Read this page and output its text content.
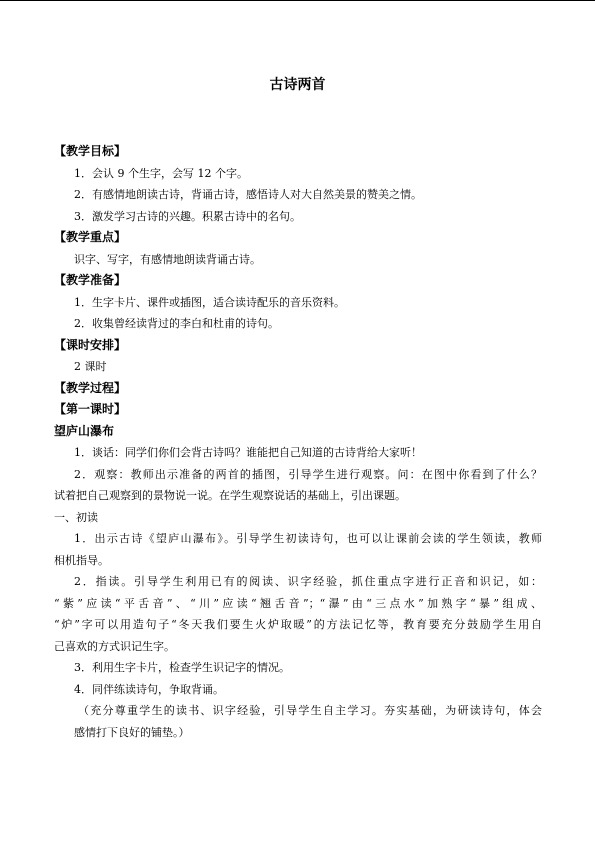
古诗两首
【教学目标】
1．会认 9 个生字，会写 12 个字。
2．有感情地朗读古诗，背诵古诗，感悟诗人对大自然美景的赞美之情。
3．激发学习古诗的兴趣。积累古诗中的名句。
【教学重点】
识字、写字，有感情地朗读背诵古诗。
【教学准备】
1．生字卡片、课件或插图，适合读诗配乐的音乐资料。
2．收集曾经读背过的李白和杜甫的诗句。
【课时安排】
2 课时
【教学过程】
【第一课时】
望庐山瀑布
1．谈话：同学们你们会背古诗吗？谁能把自己知道的古诗背给大家听！
2．观察：教师出示准备的两首的插图，引导学生进行观察。问：在图中你看到了什么？
试着把自己观察到的景物说一说。在学生观察说话的基础上，引出课题。
一、初读
1．出示古诗《望庐山瀑布》。引导学生初读诗句，也可以让课前会读的学生领读，教师
相机指导。
2．指读。引导学生利用已有的阅读、识字经验，抓住重点字进行正音和识记，如：
“紫”应读“平舌音”、“川”应读“翘舌音”；“瀑”由“三点水”加熟字“暴”组成、
“炉”字可以用造句子“冬天我们要生火炉取暖”的方法记忆等，教育要充分鼓励学生用自
己喜欢的方式识记生字。
3．利用生字卡片，检查学生识记字的情况。
4．同伴练读诗句，争取背诵。
（充分尊重学生的读书、识字经验，引导学生自主学习。夯实基础，为研读诗句，体会
感情打下良好的铺垫。）
